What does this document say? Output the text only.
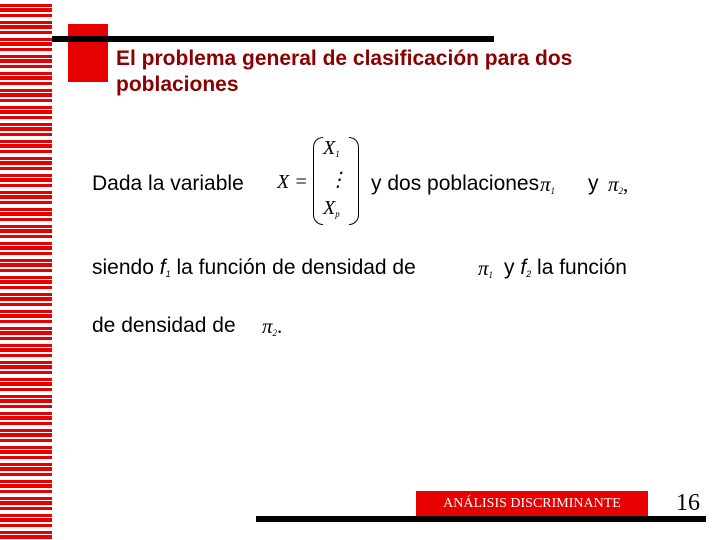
El problema general de clasificación para dos poblaciones
Dada la variable X =
$X_1$
⋮
$X_p$
y dos poblaciones $\pi_1$ y $\pi_2$,
siendo $f_1$ la función de densidad de	$\pi_1$ y $f_2$ la función
de densidad de $\pi_2$.
ANÁLISIS DISCRIMINANTE	16
